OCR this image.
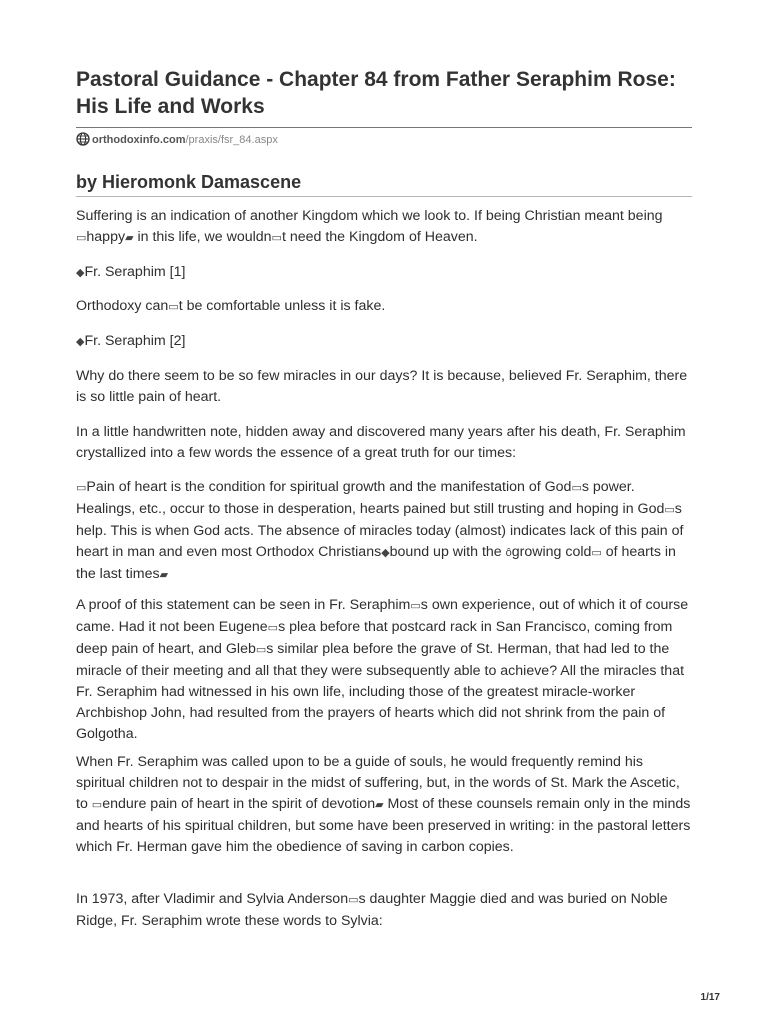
Pastoral Guidance - Chapter 84 from Father Seraphim Rose: His Life and Works
orthodoxinfo.com/praxis/fsr_84.aspx
by Hieromonk Damascene

Suffering is an indication of another Kingdom which we look to. If being Christian meant being ▭happy▰ in this life, we wouldn▭t need the Kingdom of Heaven.

◆Fr. Seraphim [1]

Orthodoxy can▭t be comfortable unless it is fake.

◆Fr. Seraphim [2]

Why do there seem to be so few miracles in our days? It is because, believed Fr. Seraphim, there is so little pain of heart.

In a little handwritten note, hidden away and discovered many years after his death, Fr. Seraphim crystallized into a few words the essence of a great truth for our times:

▭Pain of heart is the condition for spiritual growth and the manifestation of God▭s power. Healings, etc., occur to those in desperation, hearts pained but still trusting and hoping in God▭s help. This is when God acts. The absence of miracles today (almost) indicates lack of this pain of heart in man and even most Orthodox Christians◆bound up with the ôgrowing cold▭ of hearts in the last times▰

A proof of this statement can be seen in Fr. Seraphim▭s own experience, out of which it of course came. Had it not been Eugene▭s plea before that postcard rack in San Francisco, coming from deep pain of heart, and Gleb▭s similar plea before the grave of St. Herman, that had led to the miracle of their meeting and all that they were subsequently able to achieve? All the miracles that Fr. Seraphim had witnessed in his own life, including those of the greatest miracle-worker Archbishop John, had resulted from the prayers of hearts which did not shrink from the pain of Golgotha.

When Fr. Seraphim was called upon to be a guide of souls, he would frequently remind his spiritual children not to despair in the midst of suffering, but, in the words of St. Mark the Ascetic, to ▭endure pain of heart in the spirit of devotion▰ Most of these counsels remain only in the minds and hearts of his spiritual children, but some have been preserved in writing: in the pastoral letters which Fr. Herman gave him the obedience of saving in carbon copies.

In 1973, after Vladimir and Sylvia Anderson▭s daughter Maggie died and was buried on Noble Ridge, Fr. Seraphim wrote these words to Sylvia:

1/17
